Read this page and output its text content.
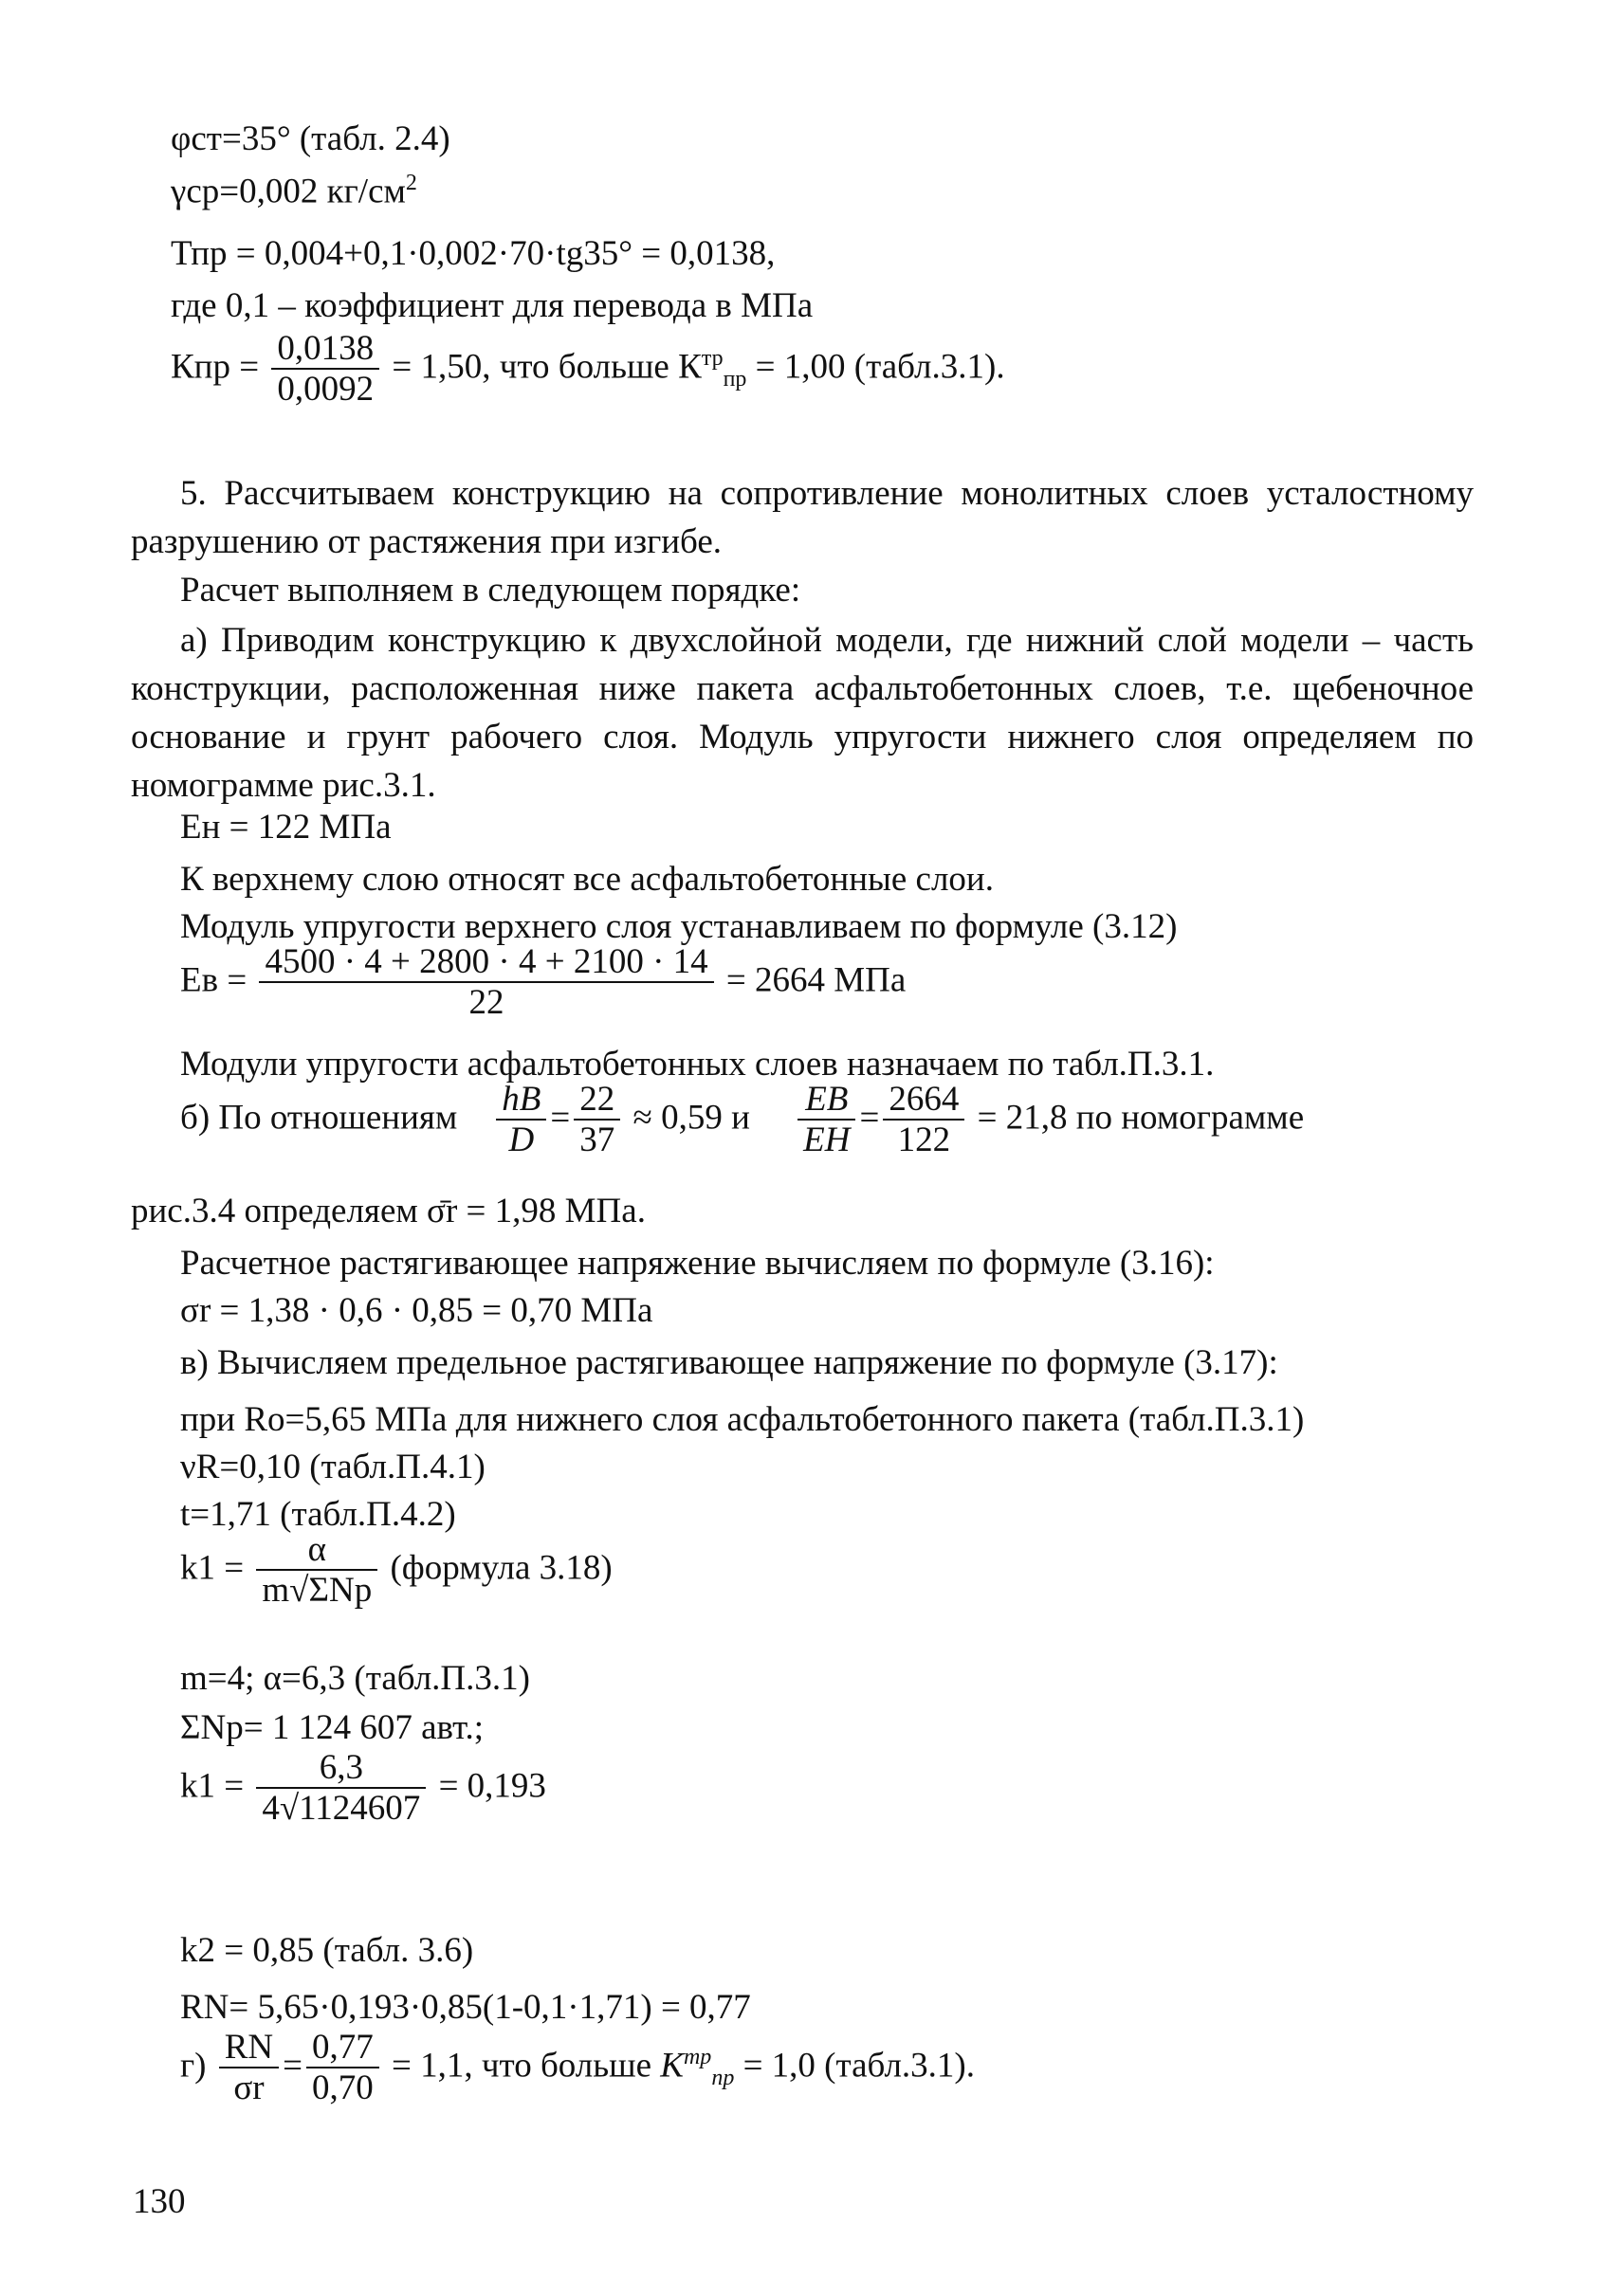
φст=35° (табл. 2.4)
γср=0,002 $кг/см^2$
Тпр = 0,004+0,1·0,002·70·tg35° = 0,0138,
где 0,1 – коэффициент для перевода в МПа
Кпр = $\frac{0,0138}{0,0092} = 1,50$, что больше $К^{тр}_{пр} = 1,00$ (табл.3.1).
5. Рассчитываем конструкцию на сопротивление монолитных слоев усталостному разрушению от растяжения при изгибе.
Расчет выполняем в следующем порядке:
а) Приводим конструкцию к двухслойной модели, где нижний слой модели – часть конструкции, расположенная ниже пакета асфальтобетонных слоев, т.е. щебеночное основание и грунт рабочего слоя. Модуль упругости нижнего слоя определяем по номограмме рис.3.1.
Ен = 122 МПа
К верхнему слою относят все асфальтобетонные слои.
Модуль упругости верхнего слоя устанавливаем по формуле (3.12)
Ев = $\frac{4500 \cdot 4 + 2800 \cdot 4 + 2100 \cdot 14}{22} = 2664$ МПа
Модули упругости асфальтобетонных слоев назначаем по табл.П.3.1.
б) По отношениям $\frac{hВ}{D} = \frac{22}{37} \approx 0,59$ и $\frac{EВ}{EН} = \frac{2664}{122} = 21,8$ по номограмме
рис.3.4 определяем σ̄r = 1,98 МПа.
Расчетное растягивающее напряжение вычисляем по формуле (3.16):
σr = 1,38 · 0,6 · 0,85 = 0,70 МПа
в) Вычисляем предельное растягивающее напряжение по формуле (3.17):
при Ro=5,65 МПа для нижнего слоя асфальтобетонного пакета (табл.П.3.1)
νR=0,10 (табл.П.4.1)
t=1,71 (табл.П.4.2)
$k1 = \frac{\alpha}{\text{m√ΣNp}}$ (формула 3.18)
m=4; α=6,3 (табл.П.3.1)
ΣNp= 1 124 607 авт.;
$k1 = \frac{6,3}{4√1124607} = 0,193$
k2 = 0,85 (табл. 3.6)
RN= 5,65·0,193·0,85(1-0,1·1,71) = 0,77
$г) \frac{RN}{\sigma r} = \frac{0,77}{0,70} = 1,1$, что больше $K^{mp}_{np} = 1,0$ (табл.3.1).
130
